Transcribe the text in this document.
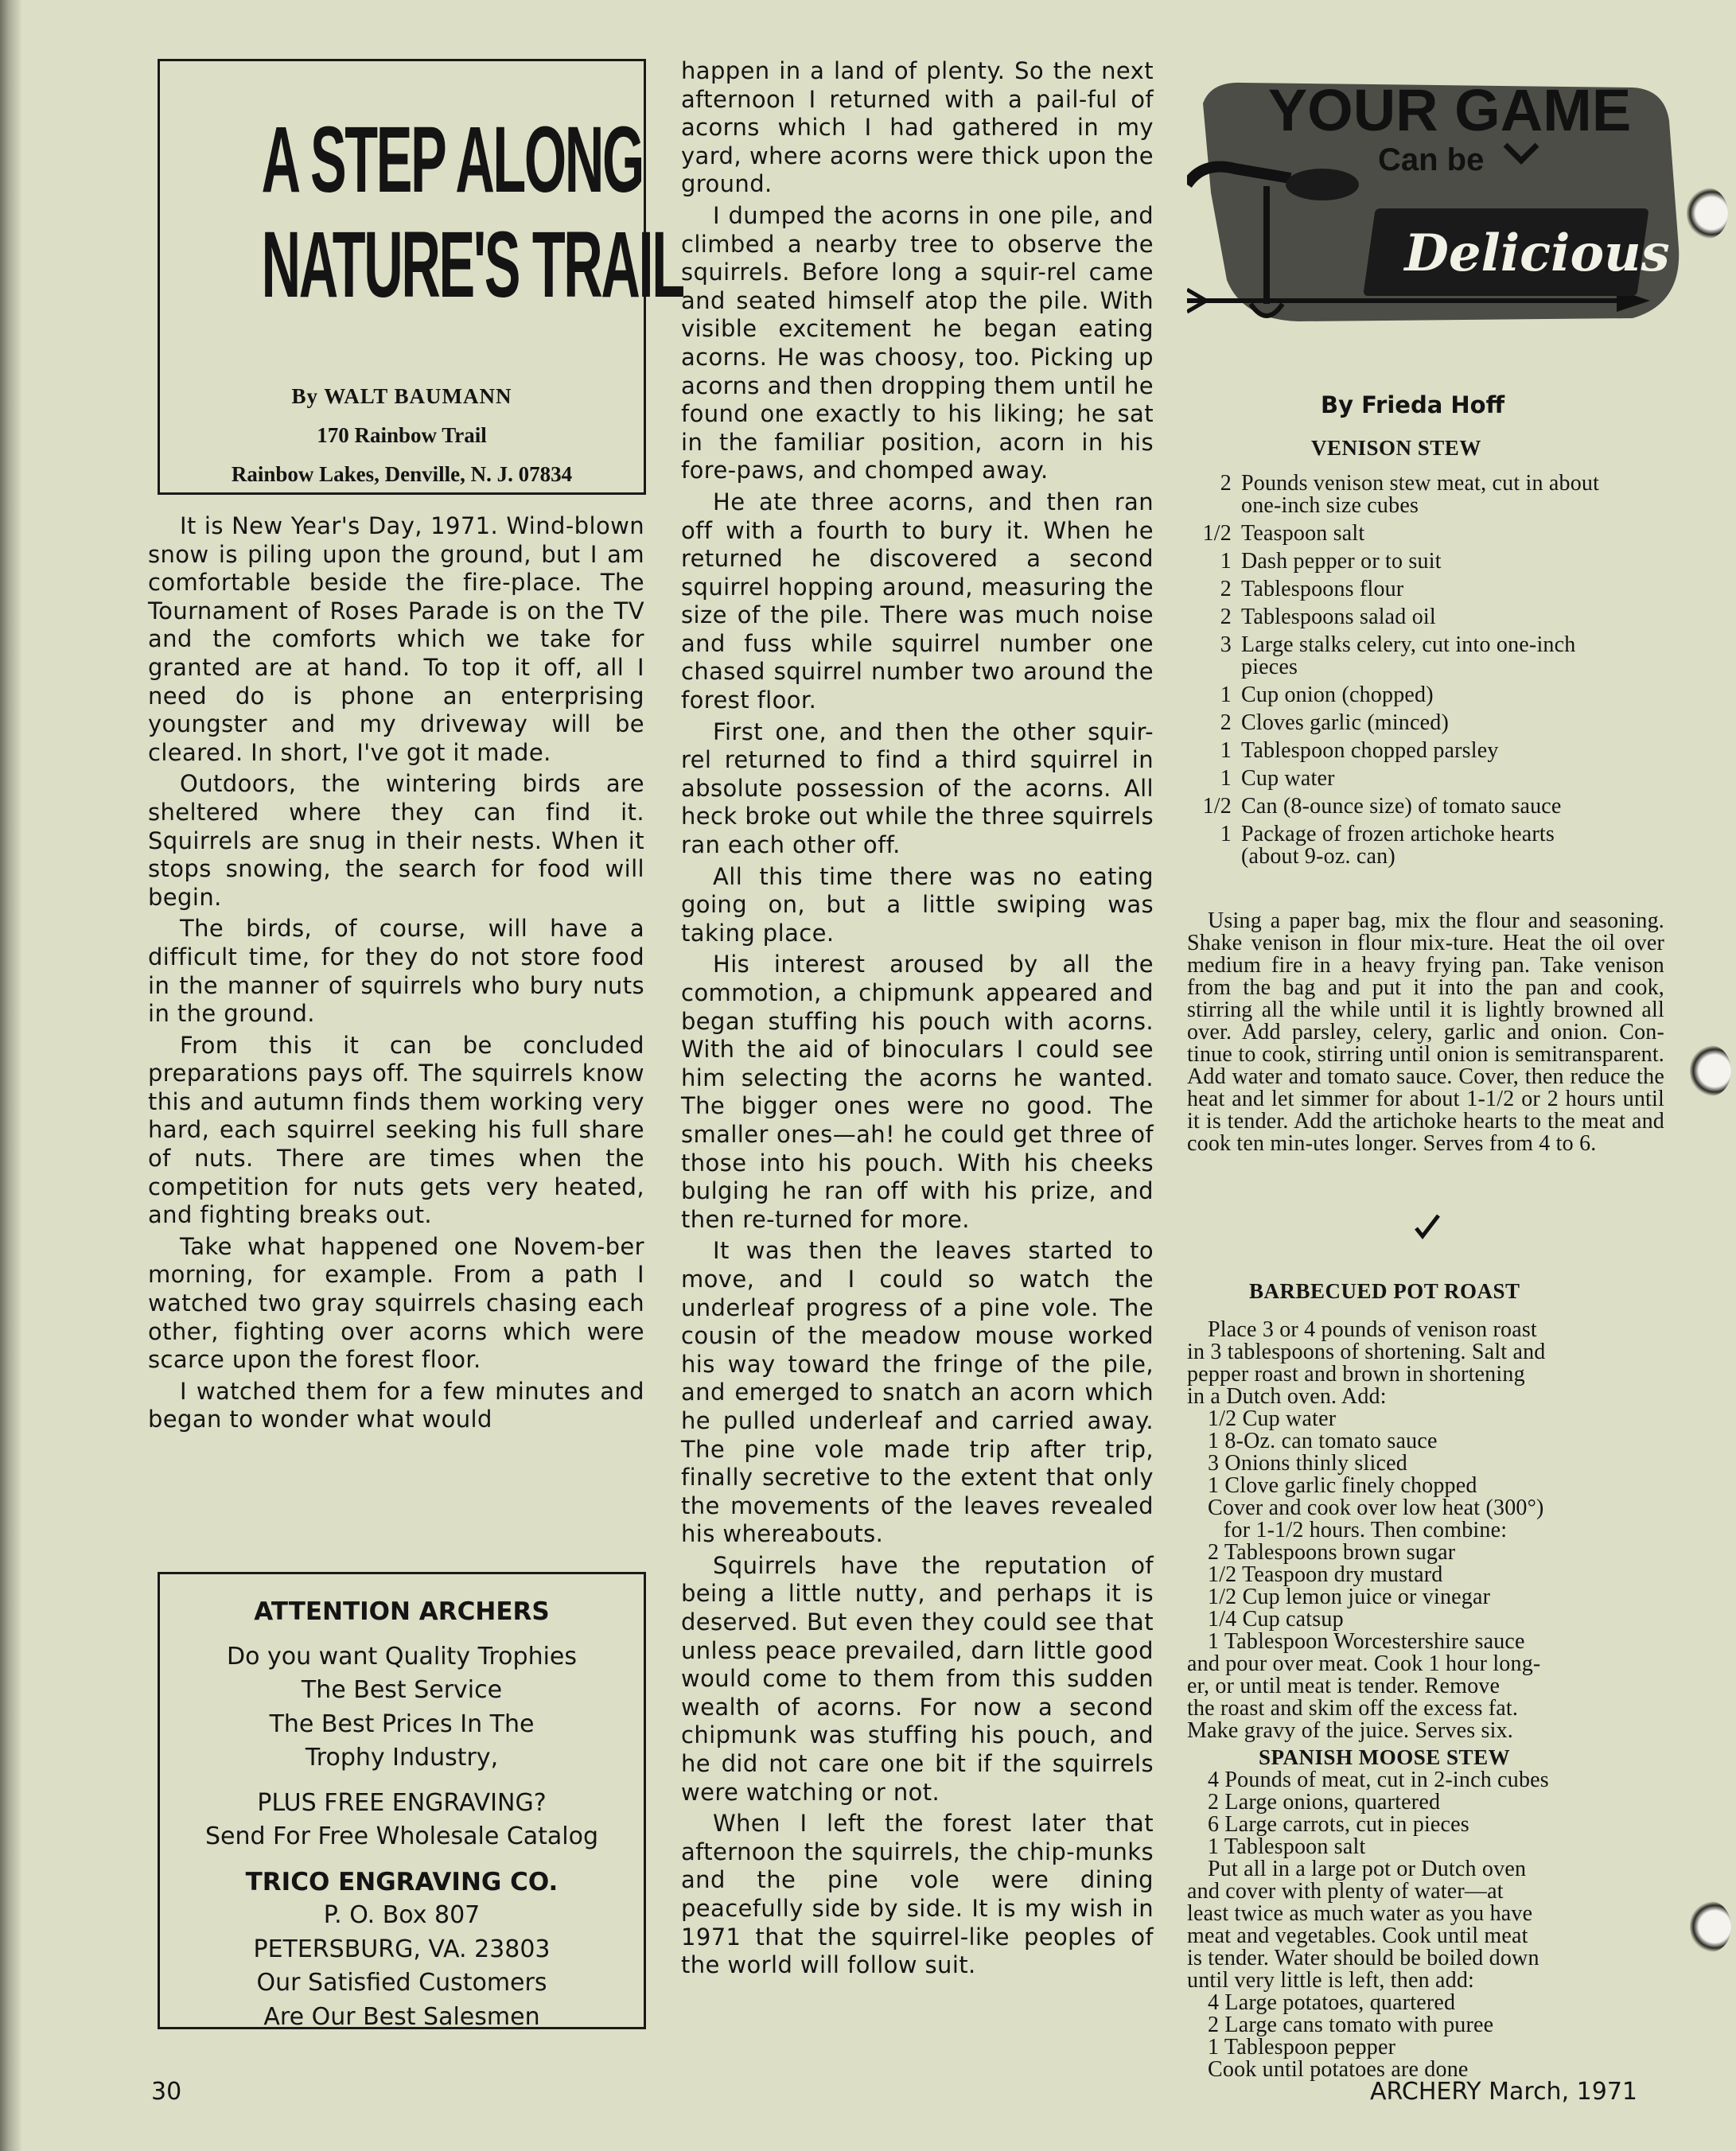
A STEP ALONG
NATURE'S TRAIL
By WALT BAUMANN
170 Rainbow Trail
Rainbow Lakes, Denville, N. J. 07834

It is New Year's Day, 1971. Wind-blown snow is piling upon the ground, but I am comfortable beside the fire-place. The Tournament of Roses Parade is on the TV and the comforts which we take for granted are at hand. To top it off, all I need do is phone an enterprising youngster and my driveway will be cleared. In short, I've got it made.

Outdoors, the wintering birds are sheltered where they can find it. Squirrels are snug in their nests. When it stops snowing, the search for food will begin.

The birds, of course, will have a difficult time, for they do not store food in the manner of squirrels who bury nuts in the ground.

From this it can be concluded preparations pays off. The squirrels know this and autumn finds them working very hard, each squirrel seeking his full share of nuts. There are times when the competition for nuts gets very heated, and fighting breaks out.

Take what happened one Novem-ber morning, for example. From a path I watched two gray squirrels chasing each other, fighting over acorns which were scarce upon the forest floor.

I watched them for a few minutes and began to wonder what would

ATTENTION ARCHERS
Do you want Quality Trophies
The Best Service
The Best Prices In The
Trophy Industry,
PLUS FREE ENGRAVING?
Send For Free Wholesale Catalog
TRICO ENGRAVING CO.
P. O. Box 807
PETERSBURG, VA. 23803
Our Satisfied Customers
Are Our Best Salesmen

happen in a land of plenty. So the next afternoon I returned with a pail-ful of acorns which I had gathered in my yard, where acorns were thick upon the ground.

I dumped the acorns in one pile, and climbed a nearby tree to observe the squirrels. Before long a squir-rel came and seated himself atop the pile. With visible excitement he began eating acorns. He was choosy, too. Picking up acorns and then dropping them until he found one exactly to his liking; he sat in the familiar position, acorn in his fore-paws, and chomped away.

He ate three acorns, and then ran off with a fourth to bury it. When he returned he discovered a second squirrel hopping around, measuring the size of the pile. There was much noise and fuss while squirrel number one chased squirrel number two around the forest floor.

First one, and then the other squir-rel returned to find a third squirrel in absolute possession of the acorns. All heck broke out while the three squirrels ran each other off.

All this time there was no eating going on, but a little swiping was taking place.

His interest aroused by all the commotion, a chipmunk appeared and began stuffing his pouch with acorns. With the aid of binoculars I could see him selecting the acorns he wanted. The bigger ones were no good. The smaller ones—ah! he could get three of those into his pouch. With his cheeks bulging he ran off with his prize, and then re-turned for more.

It was then the leaves started to move, and I could so watch the underleaf progress of a pine vole. The cousin of the meadow mouse worked his way toward the fringe of the pile, and emerged to snatch an acorn which he pulled underleaf and carried away. The pine vole made trip after trip, finally secretive to the extent that only the movements of the leaves revealed his whereabouts.

Squirrels have the reputation of being a little nutty, and perhaps it is deserved. But even they could see that unless peace prevailed, darn little good would come to them from this sudden wealth of acorns. For now a second chipmunk was stuffing his pouch, and he did not care one bit if the squirrels were watching or not.

When I left the forest later that afternoon the squirrels, the chip-munks and the pine vole were dining peacefully side by side. It is my wish in 1971 that the squirrel-like peoples of the world will follow suit.

YOUR GAME
Can be
Delicious
By Frieda Hoff
VENISON STEW
2 Pounds venison stew meat, cut in about one-inch size cubes
1/2 Teaspoon salt
1 Dash pepper or to suit
2 Tablespoons flour
2 Tablespoons salad oil
3 Large stalks celery, cut into one-inch pieces
1 Cup onion (chopped)
2 Cloves garlic (minced)
1 Tablespoon chopped parsley
1 Cup water
1/2 Can (8-ounce size) of tomato sauce
1 Package of frozen artichoke hearts (about 9-oz. can)

Using a paper bag, mix the flour and seasoning. Shake venison in flour mix-ture. Heat the oil over medium fire in a heavy frying pan. Take venison from the bag and put it into the pan and cook, stirring all the while until it is lightly browned all over. Add parsley, celery, garlic and onion. Con-tinue to cook, stirring until onion is semitransparent. Add water and tomato sauce. Cover, then reduce the heat and let simmer for about 1-1/2 or 2 hours until it is tender. Add the artichoke hearts to the meat and cook ten min-utes longer. Serves from 4 to 6.

BARBECUED POT ROAST
Place 3 or 4 pounds of venison roast
in 3 tablespoons of shortening. Salt and
pepper roast and brown in shortening
in a Dutch oven. Add:
1/2 Cup water
1 8-Oz. can tomato sauce
3 Onions thinly sliced
1 Clove garlic finely chopped
Cover and cook over low heat (300°)
for 1-1/2 hours. Then combine:
2 Tablespoons brown sugar
1/2 Teaspoon dry mustard
1/2 Cup lemon juice or vinegar
1/4 Cup catsup
1 Tablespoon Worcestershire sauce
and pour over meat. Cook 1 hour long-
er, or until meat is tender. Remove
the roast and skim off the excess fat.
Make gravy of the juice. Serves six.
SPANISH MOOSE STEW
4 Pounds of meat, cut in 2-inch cubes
2 Large onions, quartered
6 Large carrots, cut in pieces
1 Tablespoon salt
Put all in a large pot or Dutch oven
and cover with plenty of water—at
least twice as much water as you have
meat and vegetables. Cook until meat
is tender. Water should be boiled down
until very little is left, then add:
4 Large potatoes, quartered
2 Large cans tomato with puree
1 Tablespoon pepper
Cook until potatoes are done
30	ARCHERY March, 1971
